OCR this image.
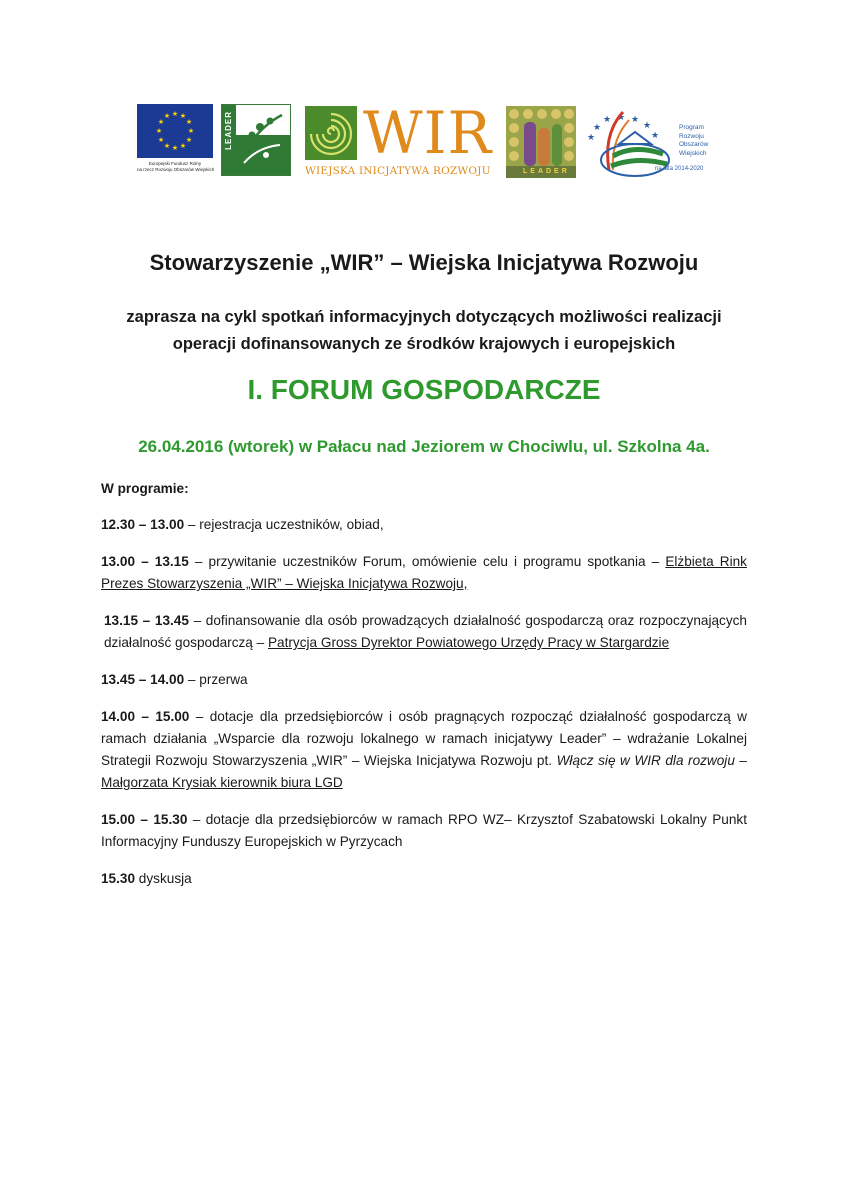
★ ★
★
★
★
★
★
★
★
★
★
★
Europejski Fundusz Rolny
na rzecz Rozwoju Obszarów Wiejskich
LEADER WIR
WIEJSKA INICJATYWA ROZWOJU	LEADER
★
★
★ ★ ★
★
★
Program
Rozwoju
Obszarów
Wiejskich
na lata 2014-2020
Stowarzyszenie „WIR” – Wiejska Inicjatywa Rozwoju
zaprasza na cykl spotkań informacyjnych dotyczących możliwości realizacji
operacji dofinansowanych ze środków krajowych i europejskich
I. FORUM GOSPODARCZE
26.04.2016 (wtorek) w Pałacu nad Jeziorem w Chociwlu, ul. Szkolna 4a.

W programie:

12.30 – 13.00 – rejestracja uczestników, obiad,

13.00 – 13.15 – przywitanie uczestników Forum, omówienie celu i programu spotkania – Elżbieta Rink Prezes Stowarzyszenia „WIR” – Wiejska Inicjatywa Rozwoju,

13.15 – 13.45 – dofinansowanie dla osób prowadzących działalność gospodarczą oraz rozpoczynających działalność gospodarczą – Patrycja Gross Dyrektor Powiatowego Urzędy Pracy w Stargardzie

13.45 – 14.00 – przerwa

14.00 – 15.00 – dotacje dla przedsiębiorców i osób pragnących rozpocząć działalność gospodarczą w ramach działania „Wsparcie dla rozwoju lokalnego w ramach inicjatywy Leader” – wdrażanie Lokalnej Strategii Rozwoju Stowarzyszenia „WIR” – Wiejska Inicjatywa Rozwoju pt. Włącz się w WIR dla rozwoju – Małgorzata Krysiak kierownik biura LGD

15.00 – 15.30 – dotacje dla przedsiębiorców w ramach RPO WZ– Krzysztof Szabatowski Lokalny Punkt Informacyjny Funduszy Europejskich w Pyrzycach

15.30 dyskusja
